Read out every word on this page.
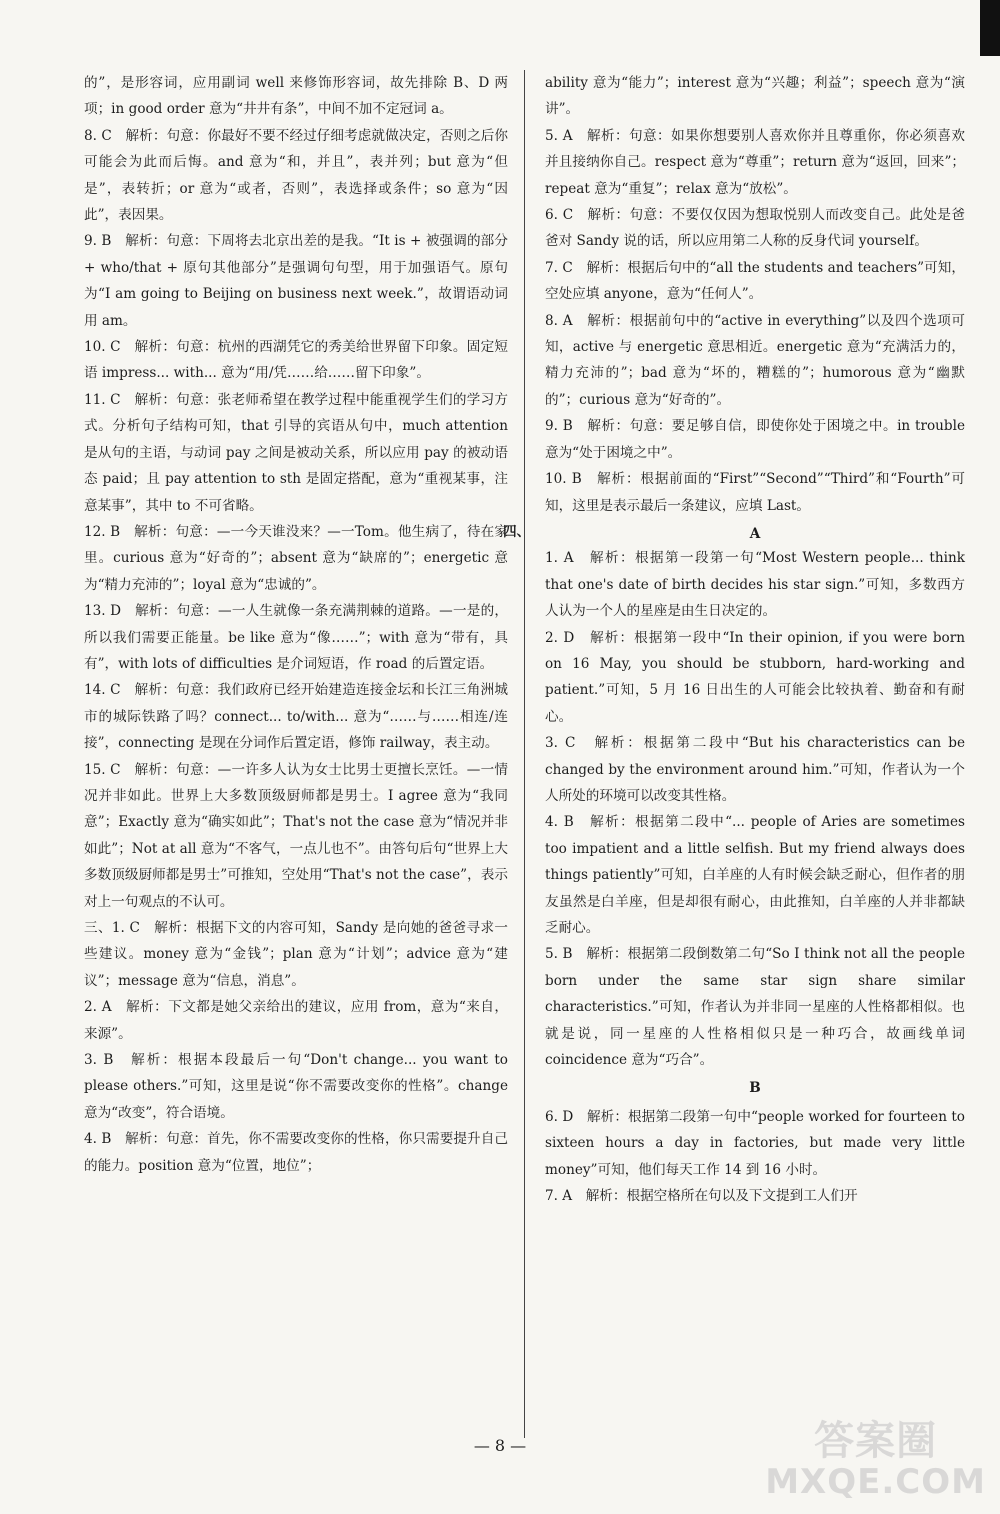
的”，是形容词，应用副词 well 来修饰形容词，故先排除 B、D 两项；in good order 意为“井井有条”，中间不加不定冠词 a。

8. C　解析：句意：你最好不要不经过仔细考虑就做决定，否则之后你可能会为此而后悔。and 意为“和，并且”，表并列；but 意为“但是”，表转折；or 意为“或者，否则”，表选择或条件；so 意为“因此”，表因果。

9. B　解析：句意：下周将去北京出差的是我。“It is + 被强调的部分 + who/that + 原句其他部分”是强调句句型，用于加强语气。原句为“I am going to Beijing on business next week.”，故谓语动词用 am。

10. C　解析：句意：杭州的西湖凭它的秀美给世界留下印象。固定短语 impress... with... 意为“用/凭……给……留下印象”。

11. C　解析：句意：张老师希望在教学过程中能重视学生们的学习方式。分析句子结构可知，that 引导的宾语从句中，much attention 是从句的主语，与动词 pay 之间是被动关系，所以应用 pay 的被动语态 paid；且 pay attention to sth 是固定搭配，意为“重视某事，注意某事”，其中 to 不可省略。

12. B　解析：句意：—一今天谁没来？—一Tom。他生病了，待在家里。curious 意为“好奇的”；absent 意为“缺席的”；energetic 意为“精力充沛的”；loyal 意为“忠诚的”。

13. D　解析：句意：—一人生就像一条充满荆棘的道路。—一是的，所以我们需要正能量。be like 意为“像……”；with 意为“带有，具有”，with lots of difficulties 是介词短语，作 road 的后置定语。

14. C　解析：句意：我们政府已经开始建造连接金坛和长江三角洲城市的城际铁路了吗？connect... to/with... 意为“……与……相连/连接”，connecting 是现在分词作后置定语，修饰 railway，表主动。

15. C　解析：句意：—一许多人认为女士比男士更擅长烹饪。—一情况并非如此。世界上大多数顶级厨师都是男士。I agree 意为“我同意”；Exactly 意为“确实如此”；That's not the case 意为“情况并非如此”；Not at all 意为“不客气，一点儿也不”。由答句后句“世界上大多数顶级厨师都是男士”可推知，空处用“That's not the case”，表示对上一句观点的不认可。

三、1. C　解析：根据下文的内容可知，Sandy 是向她的爸爸寻求一些建议。money 意为“金钱”；plan 意为“计划”；advice 意为“建议”；message 意为“信息，消息”。

2. A　解析：下文都是她父亲给出的建议，应用 from，意为“来自，来源”。

3. B　解析：根据本段最后一句“Don't change... you want to please others.”可知，这里是说“你不需要改变你的性格”。change 意为“改变”，符合语境。

4. B　解析：句意：首先，你不需要改变你的性格，你只需要提升自己的能力。position 意为“位置，地位”；

ability 意为“能力”；interest 意为“兴趣；利益”；speech 意为“演讲”。

5. A　解析：句意：如果你想要别人喜欢你并且尊重你，你必须喜欢并且接纳你自己。respect 意为“尊重”；return 意为“返回，回来”；repeat 意为“重复”；relax 意为“放松”。

6. C　解析：句意：不要仅仅因为想取悦别人而改变自己。此处是爸爸对 Sandy 说的话，所以应用第二人称的反身代词 yourself。

7. C　解析：根据后句中的“all the students and teachers”可知，空处应填 anyone，意为“任何人”。

8. A　解析：根据前句中的“active in everything”以及四个选项可知，active 与 energetic 意思相近。energetic 意为“充满活力的，精力充沛的”；bad 意为“坏的，糟糕的”；humorous 意为“幽默的”；curious 意为“好奇的”。

9. B　解析：句意：要足够自信，即使你处于困境之中。in trouble 意为“处于困境之中”。

10. B　解析：根据前面的“First”“Second”“Third”和“Fourth”可知，这里是表示最后一条建议，应填 Last。

四、	A

1. A　解析：根据第一段第一句“Most Western people... think that one's date of birth decides his star sign.”可知，多数西方人认为一个人的星座是由生日决定的。

2. D　解析：根据第一段中“In their opinion, if you were born on 16 May, you should be stubborn, hard-working and patient.”可知，5 月 16 日出生的人可能会比较执着、勤奋和有耐心。

3. C　解析：根据第二段中“But his characteristics can be changed by the environment around him.”可知，作者认为一个人所处的环境可以改变其性格。

4. B　解析：根据第二段中“... people of Aries are sometimes too impatient and a little selfish. But my friend always does things patiently”可知，白羊座的人有时候会缺乏耐心，但作者的朋友虽然是白羊座，但是却很有耐心，由此推知，白羊座的人并非都缺乏耐心。

5. B　解析：根据第二段倒数第二句“So I think not all the people born under the same star sign share similar characteristics.”可知，作者认为并非同一星座的人性格都相似。也就是说，同一星座的人性格相似只是一种巧合，故画线单词 coincidence 意为“巧合”。

B

6. D　解析：根据第二段第一句中“people worked for fourteen to sixteen hours a day in factories, but made very little money”可知，他们每天工作 14 到 16 小时。

7. A　解析：根据空格所在句以及下文提到工人们开

— 8 —	答案圈
MXQE.COM
